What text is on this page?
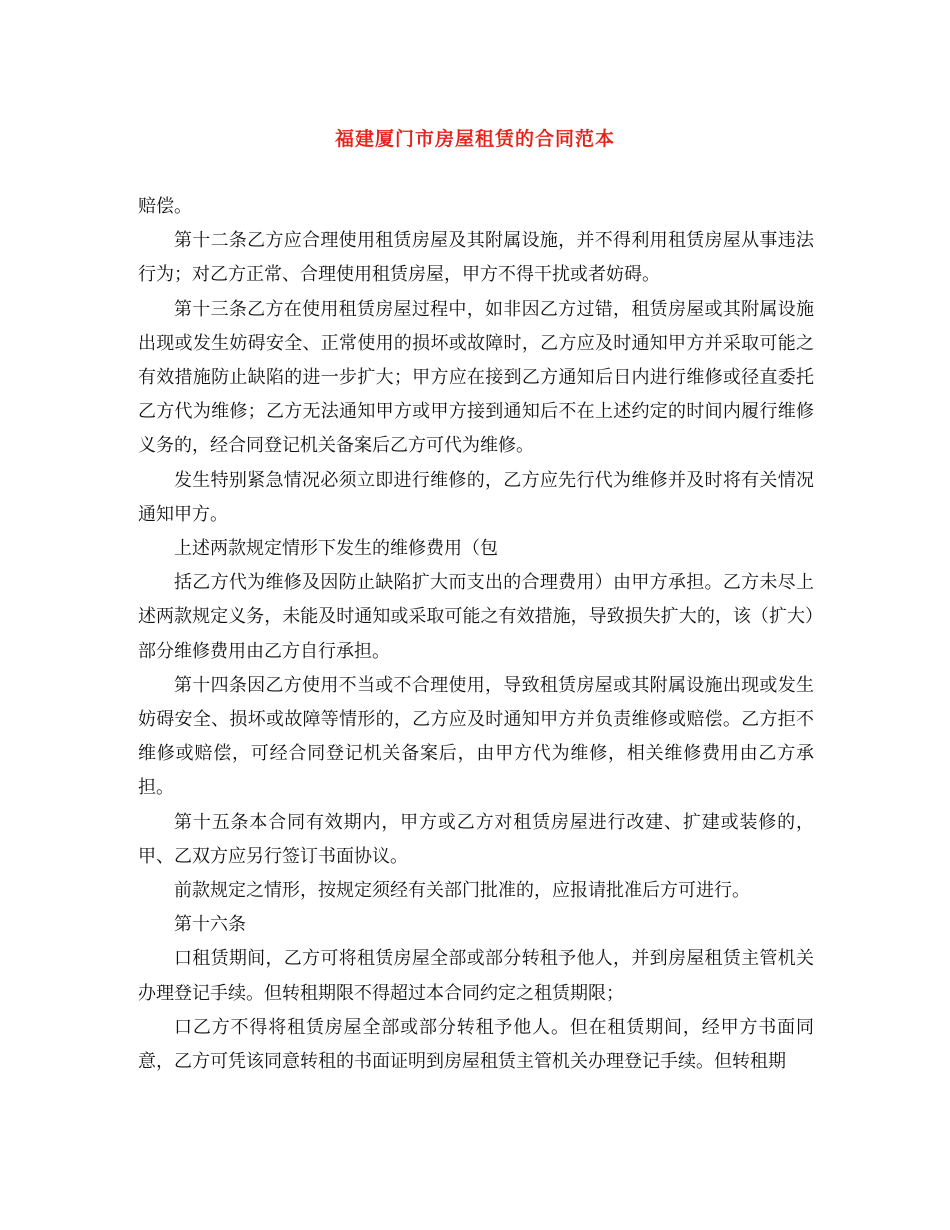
福建厦门市房屋租赁的合同范本

赔偿。

第十二条乙方应合理使用租赁房屋及其附属设施，并不得利用租赁房屋从事违法行为；对乙方正常、合理使用租赁房屋，甲方不得干扰或者妨碍。

第十三条乙方在使用租赁房屋过程中，如非因乙方过错，租赁房屋或其附属设施出现或发生妨碍安全、正常使用的损坏或故障时，乙方应及时通知甲方并采取可能之有效措施防止缺陷的进一步扩大；甲方应在接到乙方通知后日内进行维修或径直委托乙方代为维修；乙方无法通知甲方或甲方接到通知后不在上述约定的时间内履行维修义务的，经合同登记机关备案后乙方可代为维修。

发生特别紧急情况必须立即进行维修的，乙方应先行代为维修并及时将有关情况通知甲方。

上述两款规定情形下发生的维修费用（包

括乙方代为维修及因防止缺陷扩大而支出的合理费用）由甲方承担。乙方未尽上述两款规定义务，未能及时通知或采取可能之有效措施，导致损失扩大的，该（扩大）部分维修费用由乙方自行承担。

第十四条因乙方使用不当或不合理使用，导致租赁房屋或其附属设施出现或发生妨碍安全、损坏或故障等情形的，乙方应及时通知甲方并负责维修或赔偿。乙方拒不维修或赔偿，可经合同登记机关备案后，由甲方代为维修，相关维修费用由乙方承担。

第十五条本合同有效期内，甲方或乙方对租赁房屋进行改建、扩建或装修的，甲、乙双方应另行签订书面协议。

前款规定之情形，按规定须经有关部门批准的，应报请批准后方可进行。

第十六条

口租赁期间，乙方可将租赁房屋全部或部分转租予他人，并到房屋租赁主管机关办理登记手续。但转租期限不得超过本合同约定之租赁期限；

口乙方不得将租赁房屋全部或部分转租予他人。但在租赁期间，经甲方书面同意，乙方可凭该同意转租的书面证明到房屋租赁主管机关办理登记手续。但转租期
